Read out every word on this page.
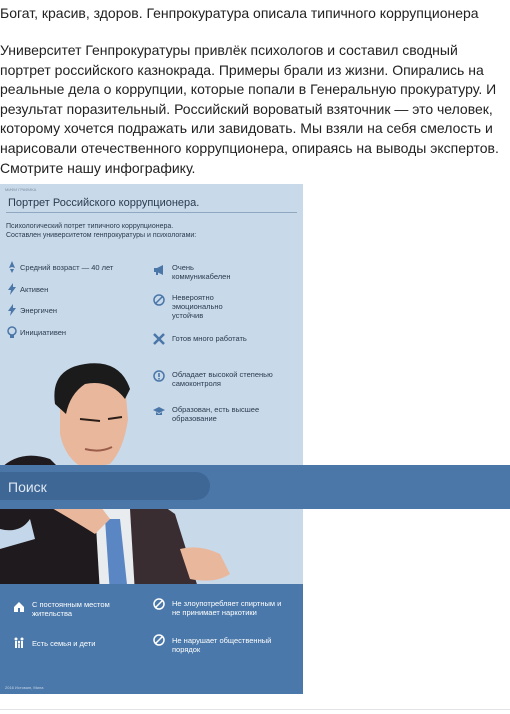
Богат, красив, здоров. Генпрокуратура описала типичного коррупционера
Университет Генпрокуратуры привлёк психологов и составил сводный портрет российского казнокрада. Примеры брали из жизни. Опирались на реальные дела о коррупции, которые попали в Генеральную прокуратуру. И результат поразительный. Российский вороватый взяточник — это человек, которому хочется подражать или завидовать. Мы взяли на себя смелость и нарисовали отечественного коррупционера, опираясь на выводы экспертов. Смотрите нашу инфографику.
МИФИ ГРАФИКА
Портрет Российского коррупционера.
Психологический потрет типичного коррупционера.
Составлен университетом генпрокуратуры и психологами:
Средний возраст — 40 лет
Активен
Энергичен
Инициативен
Очень коммуникабелен
Невероятно эмоционально устойчив
Готов много работать
Обладает высокой степенью самоконтроля
Образован, есть высшее образование
С постоянным местом жительства
Есть семья и дети
Не злоупотребляет спиртным и не принимает наркотики
Не нарушает общественный порядок
2016 Истомин, Мила
Поиск
